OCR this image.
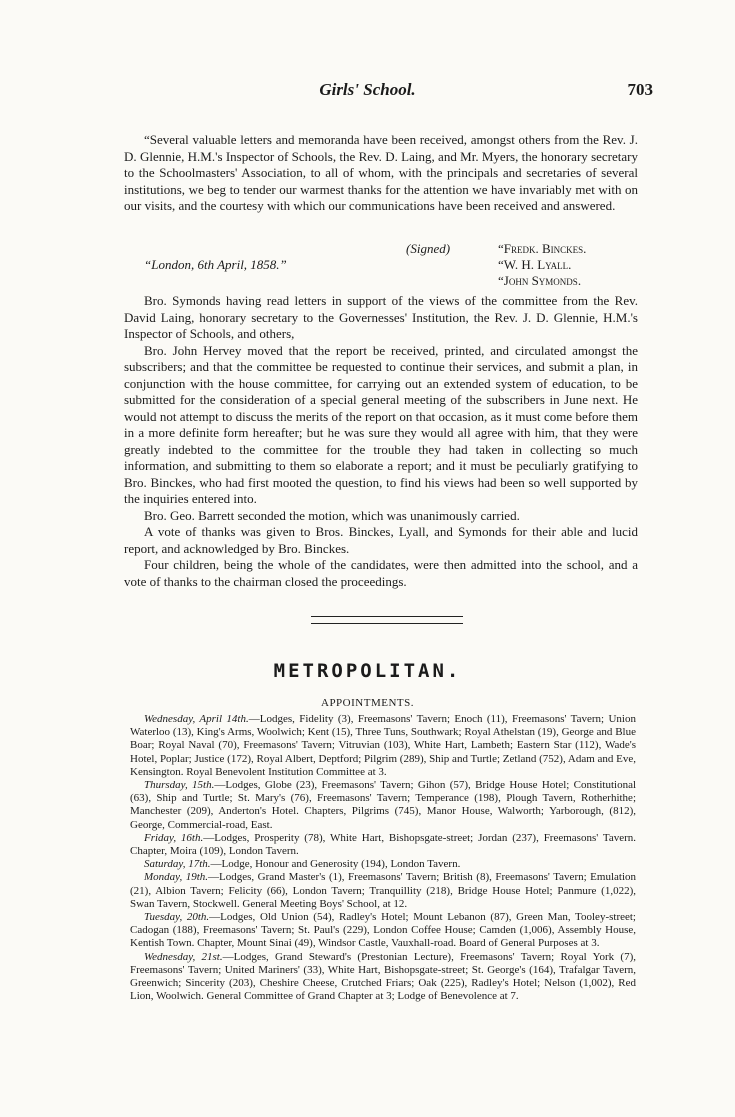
Girls' School.	703

“Several valuable letters and memoranda have been received, amongst others from the Rev. J. D. Glennie, H.M.'s Inspector of Schools, the Rev. D. Laing, and Mr. Myers, the honorary secretary to the Schoolmasters' Association, to all of whom, with the principals and secretaries of several institutions, we beg to tender our warmest thanks for the attention we have invariably met with on our visits, and the courtesy with which our communications have been received and answered.

(Signed)
“London, 6th April, 1858.”
“Fredk. Binckes.
“W. H. Lyall.
“John Symonds.

Bro. Symonds having read letters in support of the views of the committee from the Rev. David Laing, honorary secretary to the Governesses' Institution, the Rev. J. D. Glennie, H.M.'s Inspector of Schools, and others,

Bro. John Hervey moved that the report be received, printed, and circulated amongst the subscribers; and that the committee be requested to continue their services, and submit a plan, in conjunction with the house committee, for carrying out an extended system of education, to be submitted for the consideration of a special general meeting of the subscribers in June next. He would not attempt to discuss the merits of the report on that occasion, as it must come before them in a more definite form hereafter; but he was sure they would all agree with him, that they were greatly indebted to the committee for the trouble they had taken in collecting so much information, and submitting to them so elaborate a report; and it must be peculiarly gratifying to Bro. Binckes, who had first mooted the question, to find his views had been so well supported by the inquiries entered into.

Bro. Geo. Barrett seconded the motion, which was unanimously carried.

A vote of thanks was given to Bros. Binckes, Lyall, and Symonds for their able and lucid report, and acknowledged by Bro. Binckes.

Four children, being the whole of the candidates, were then admitted into the school, and a vote of thanks to the chairman closed the proceedings.

METROPOLITAN.
APPOINTMENTS.

Wednesday, April 14th.—Lodges, Fidelity (3), Freemasons' Tavern; Enoch (11), Freemasons' Tavern; Union Waterloo (13), King's Arms, Woolwich; Kent (15), Three Tuns, Southwark; Royal Athelstan (19), George and Blue Boar; Royal Naval (70), Freemasons' Tavern; Vitruvian (103), White Hart, Lambeth; Eastern Star (112), Wade's Hotel, Poplar; Justice (172), Royal Albert, Deptford; Pilgrim (289), Ship and Turtle; Zetland (752), Adam and Eve, Kensington. Royal Benevolent Institution Committee at 3.

Thursday, 15th.—Lodges, Globe (23), Freemasons' Tavern; Gihon (57), Bridge House Hotel; Constitutional (63), Ship and Turtle; St. Mary's (76), Freemasons' Tavern; Temperance (198), Plough Tavern, Rotherhithe; Manchester (209), Anderton's Hotel. Chapters, Pilgrims (745), Manor House, Walworth; Yarborough, (812), George, Commercial-road, East.

Friday, 16th.—Lodges, Prosperity (78), White Hart, Bishopsgate-street; Jordan (237), Freemasons' Tavern. Chapter, Moira (109), London Tavern.

Saturday, 17th.—Lodge, Honour and Generosity (194), London Tavern.

Monday, 19th.—Lodges, Grand Master's (1), Freemasons' Tavern; British (8), Freemasons' Tavern; Emulation (21), Albion Tavern; Felicity (66), London Tavern; Tranquillity (218), Bridge House Hotel; Panmure (1,022), Swan Tavern, Stockwell. General Meeting Boys' School, at 12.

Tuesday, 20th.—Lodges, Old Union (54), Radley's Hotel; Mount Lebanon (87), Green Man, Tooley-street; Cadogan (188), Freemasons' Tavern; St. Paul's (229), London Coffee House; Camden (1,006), Assembly House, Kentish Town. Chapter, Mount Sinai (49), Windsor Castle, Vauxhall-road. Board of General Purposes at 3.

Wednesday, 21st.—Lodges, Grand Steward's (Prestonian Lecture), Freemasons' Tavern; Royal York (7), Freemasons' Tavern; United Mariners' (33), White Hart, Bishopsgate-street; St. George's (164), Trafalgar Tavern, Greenwich; Sincerity (203), Cheshire Cheese, Crutched Friars; Oak (225), Radley's Hotel; Nelson (1,002), Red Lion, Woolwich. General Committee of Grand Chapter at 3; Lodge of Benevolence at 7.
